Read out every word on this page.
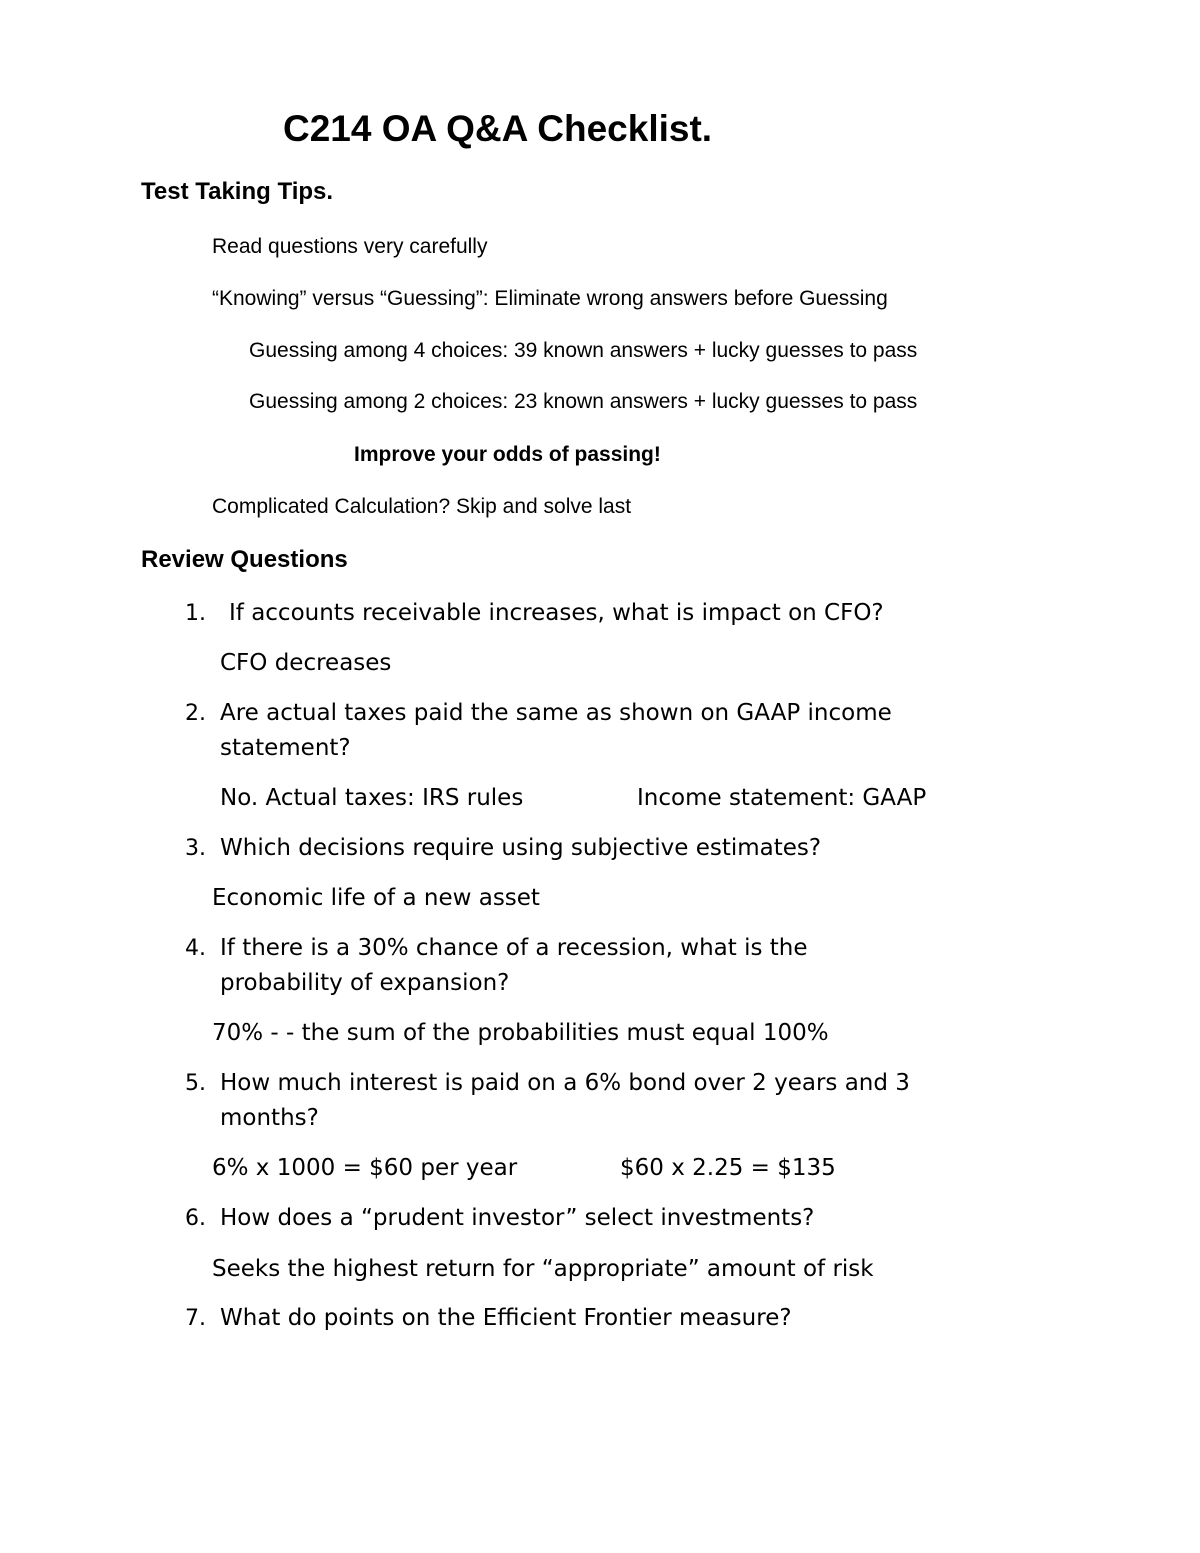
C214 OA Q&A Checklist.
Test Taking Tips.
Read questions very carefully
“Knowing” versus “Guessing”: Eliminate wrong answers before Guessing
Guessing among 4 choices: 39 known answers + lucky guesses to pass
Guessing among 2 choices: 23 known answers + lucky guesses to pass
Improve your odds of passing!
Complicated Calculation? Skip and solve last
Review Questions
1. If accounts receivable increases, what is impact on CFO?
CFO decreases
2. Are actual taxes paid the same as shown on GAAP income
statement?
No. Actual taxes: IRS rules	Income statement: GAAP
3. Which decisions require using subjective estimates?
Economic life of a new asset
4. If there is a 30% chance of a recession, what is the
probability of expansion?
70% - - the sum of the probabilities must equal 100%
5. How much interest is paid on a 6% bond over 2 years and 3
months?
6% x 1000 = $60 per year	$60 x 2.25 = $135
6. How does a “prudent investor” select investments?
Seeks the highest return for “appropriate” amount of risk
7. What do points on the Efficient Frontier measure?
